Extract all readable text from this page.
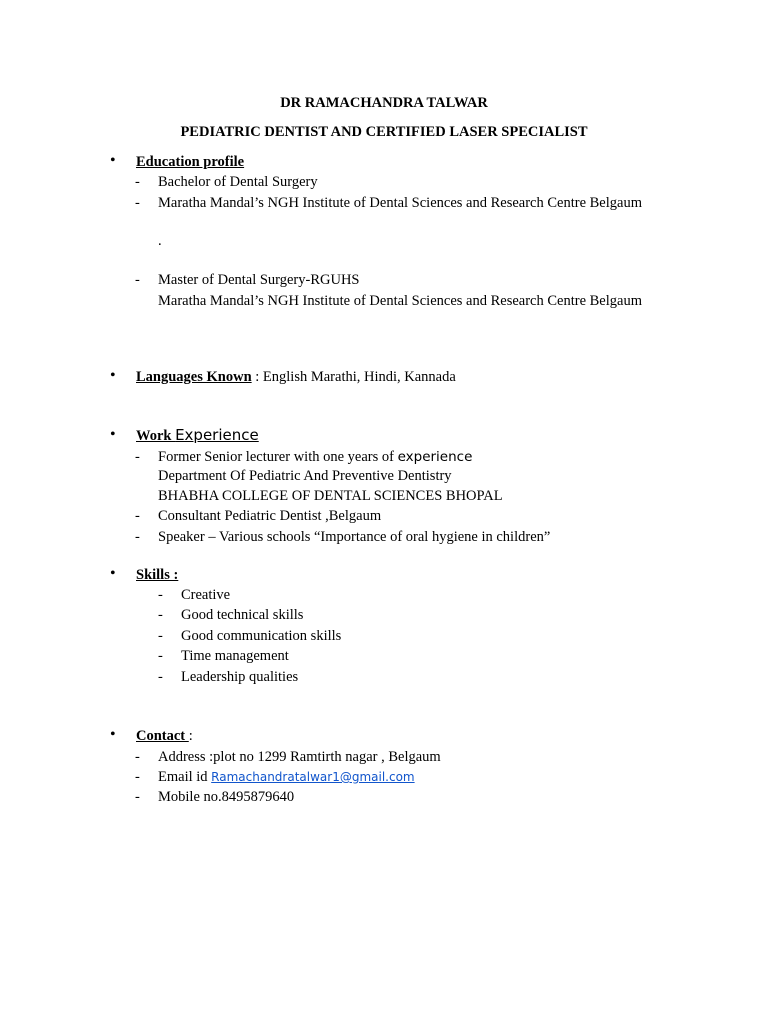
DR RAMACHANDRA TALWAR
PEDIATRIC DENTIST AND CERTIFIED LASER SPECIALIST
• Education profile
- Bachelor of Dental Surgery
- Maratha Mandal’s NGH Institute of Dental Sciences and Research Centre Belgaum
.
- Master of Dental Surgery-RGUHS
Maratha Mandal’s NGH Institute of Dental Sciences and Research Centre Belgaum
• Languages Known : English Marathi, Hindi, Kannada
• Work Experience
- Former Senior lecturer with one years of experience
Department Of Pediatric And Preventive Dentistry
BHABHA COLLEGE OF DENTAL SCIENCES BHOPAL
- Consultant Pediatric Dentist ,Belgaum
- Speaker – Various schools “Importance of oral hygiene in children”
• Skills :
- Creative
- Good technical skills
- Good communication skills
- Time management
- Leadership qualities
• Contact :
- Address :plot no 1299 Ramtirth nagar , Belgaum
- Email id Ramachandratalwar1@gmail.com
- Mobile no.8495879640
